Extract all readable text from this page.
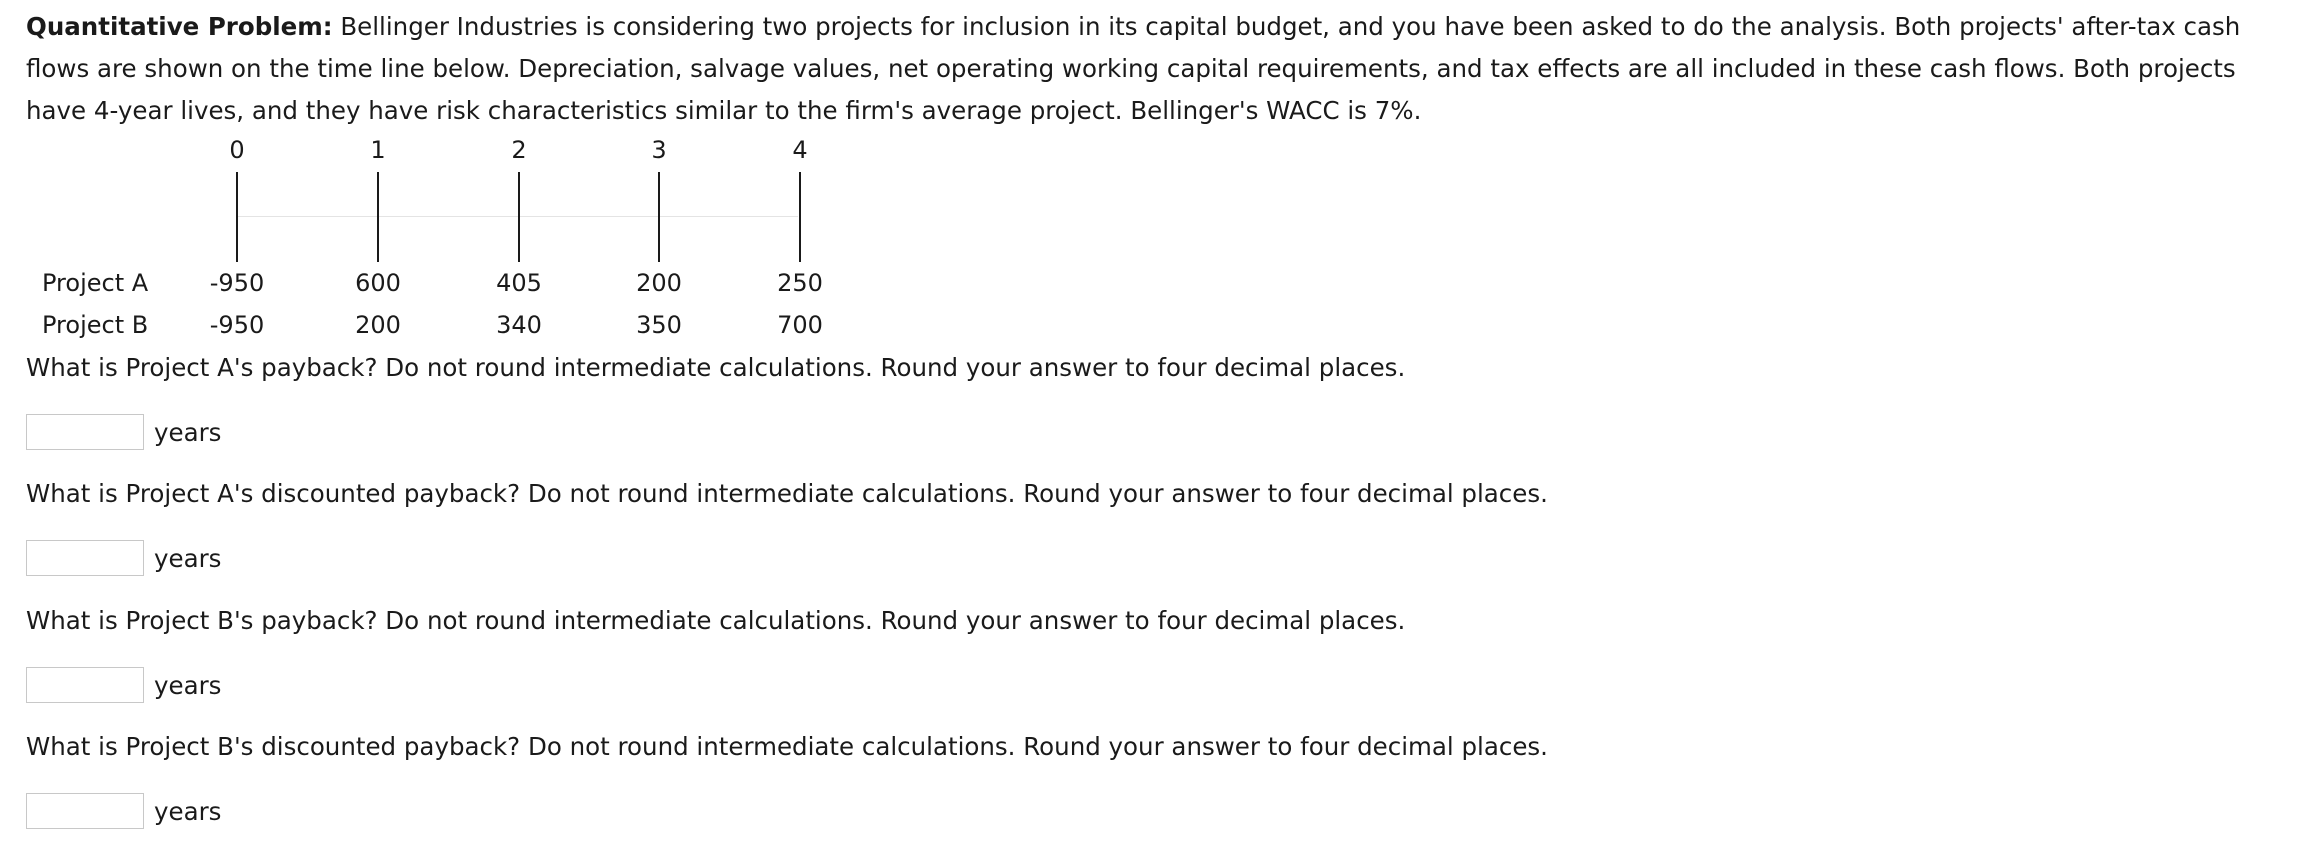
Quantitative Problem: Bellinger Industries is considering two projects for inclusion in its capital budget, and you have been asked to do the analysis. Both projects' after-tax cash flows are shown on the time line below. Depreciation, salvage values, net operating working capital requirements, and tax effects are all included in these cash flows. Both projects have 4-year lives, and they have risk characteristics similar to the firm's average project. Bellinger's WACC is 7%.

0	1	2	3	4
Project A	-950	600	405	200	250
Project B	-950	200	340	350	700

What is Project A's payback? Do not round intermediate calculations. Round your answer to four decimal places.

years

What is Project A's discounted payback? Do not round intermediate calculations. Round your answer to four decimal places.

years

What is Project B's payback? Do not round intermediate calculations. Round your answer to four decimal places.

years

What is Project B's discounted payback? Do not round intermediate calculations. Round your answer to four decimal places.

years
